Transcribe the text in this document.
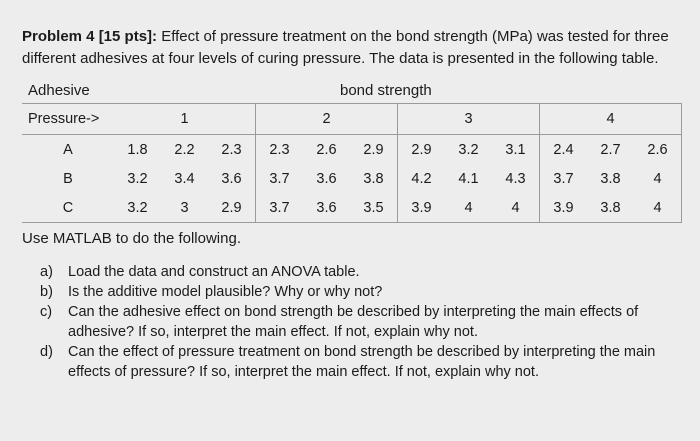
Problem 4 [15 pts]: Effect of pressure treatment on the bond strength (MPa) was tested for three different adhesives at four levels of curing pressure. The data is presented in the following table.
Adhesive	bond strength
Pressure->	1			2			3			4		
A	1.8	2.2	2.3	2.3	2.6	2.9	2.9	3.2	3.1	2.4	2.7	2.6
B	3.2	3.4	3.6	3.7	3.6	3.8	4.2	4.1	4.3	3.7	3.8	4
C	3.2	3	2.9	3.7	3.6	3.5	3.9	4	4	3.9	3.8	4
Use MATLAB to do the following.
a) Load the data and construct an ANOVA table.
b) Is the additive model plausible? Why or why not?
c) Can the adhesive effect on bond strength be described by interpreting the main effects of adhesive? If so, interpret the main effect. If not, explain why not.
d) Can the effect of pressure treatment on bond strength be described by interpreting the main effects of pressure? If so, interpret the main effect. If not, explain why not.
